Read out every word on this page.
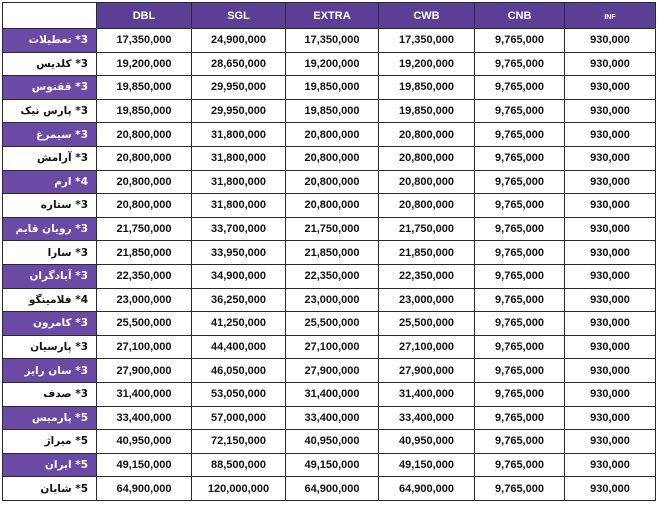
	DBL	SGL	EXTRA	CWB	CNB	INF
3* تعطیلات	17,350,000	24,900,000	17,350,000	17,350,000	9,765,000	930,000
3* کلدیس	19,200,000	28,650,000	19,200,000	19,200,000	9,765,000	930,000
3* ققنوس	19,850,000	29,950,000	19,850,000	19,850,000	9,765,000	930,000
3* پارس نیک	19,850,000	29,950,000	19,850,000	19,850,000	9,765,000	930,000
3* سیمرغ	20,800,000	31,800,000	20,800,000	20,800,000	9,765,000	930,000
3* آرامش	20,800,000	31,800,000	20,800,000	20,800,000	9,765,000	930,000
4* ارم	20,800,000	31,800,000	20,800,000	20,800,000	9,765,000	930,000
3* ستاره	20,800,000	31,800,000	20,800,000	20,800,000	9,765,000	930,000
3* رویان قایم	21,750,000	33,700,000	21,750,000	21,750,000	9,765,000	930,000
3* سارا	21,850,000	33,950,000	21,850,000	21,850,000	9,765,000	930,000
3* آبادگران	22,350,000	34,900,000	22,350,000	22,350,000	9,765,000	930,000
4* فلامینگو	23,000,000	36,250,000	23,000,000	23,000,000	9,765,000	930,000
3* کامرون	25,500,000	41,250,000	25,500,000	25,500,000	9,765,000	930,000
3* پارسیان	27,100,000	44,400,000	27,100,000	27,100,000	9,765,000	930,000
3* سان رایز	27,900,000	46,050,000	27,900,000	27,900,000	9,765,000	930,000
3* صدف	31,400,000	53,050,000	31,400,000	31,400,000	9,765,000	930,000
5* پارمیس	33,400,000	57,000,000	33,400,000	33,400,000	9,765,000	930,000
5* میراژ	40,950,000	72,150,000	40,950,000	40,950,000	9,765,000	930,000
5* ایران	49,150,000	88,500,000	49,150,000	49,150,000	9,765,000	930,000
5* شایان	64,900,000	120,000,000	64,900,000	64,900,000	9,765,000	930,000
